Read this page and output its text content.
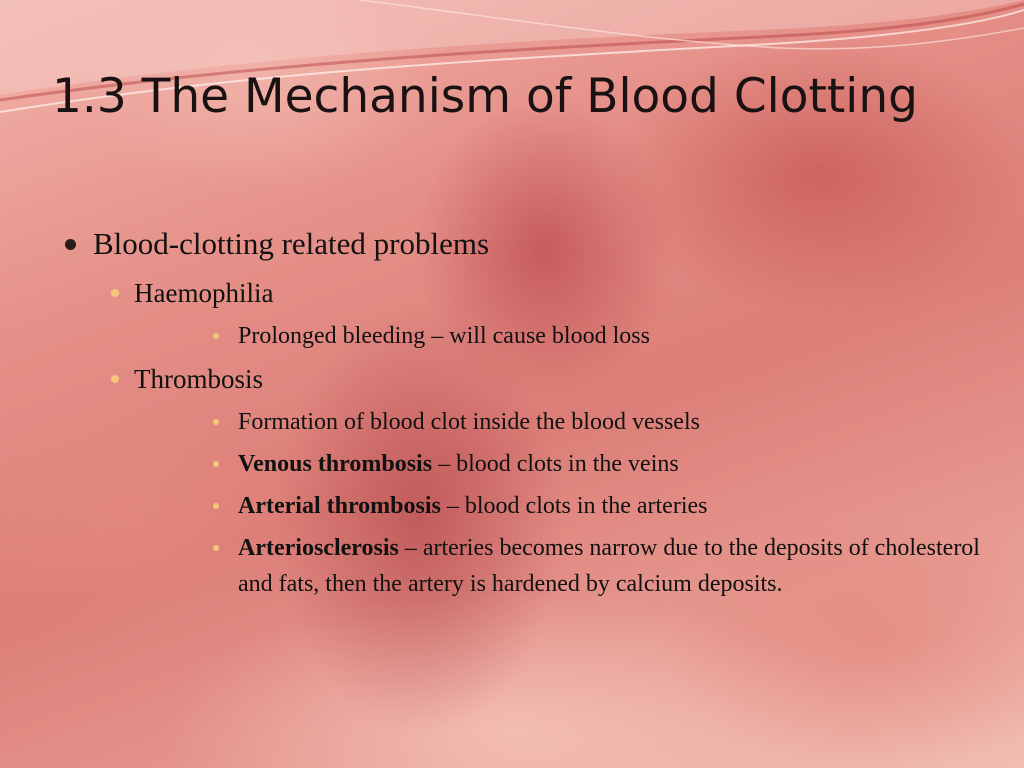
1.3 The Mechanism of Blood Clotting
Blood-clotting related problems
Haemophilia
Prolonged bleeding – will cause blood loss
Thrombosis
Formation of blood clot inside the blood vessels
Venous thrombosis – blood clots in the veins
Arterial thrombosis – blood clots in the arteries
Arteriosclerosis – arteries becomes narrow due to the deposits of cholesterol and fats, then the artery is hardened by calcium deposits.
